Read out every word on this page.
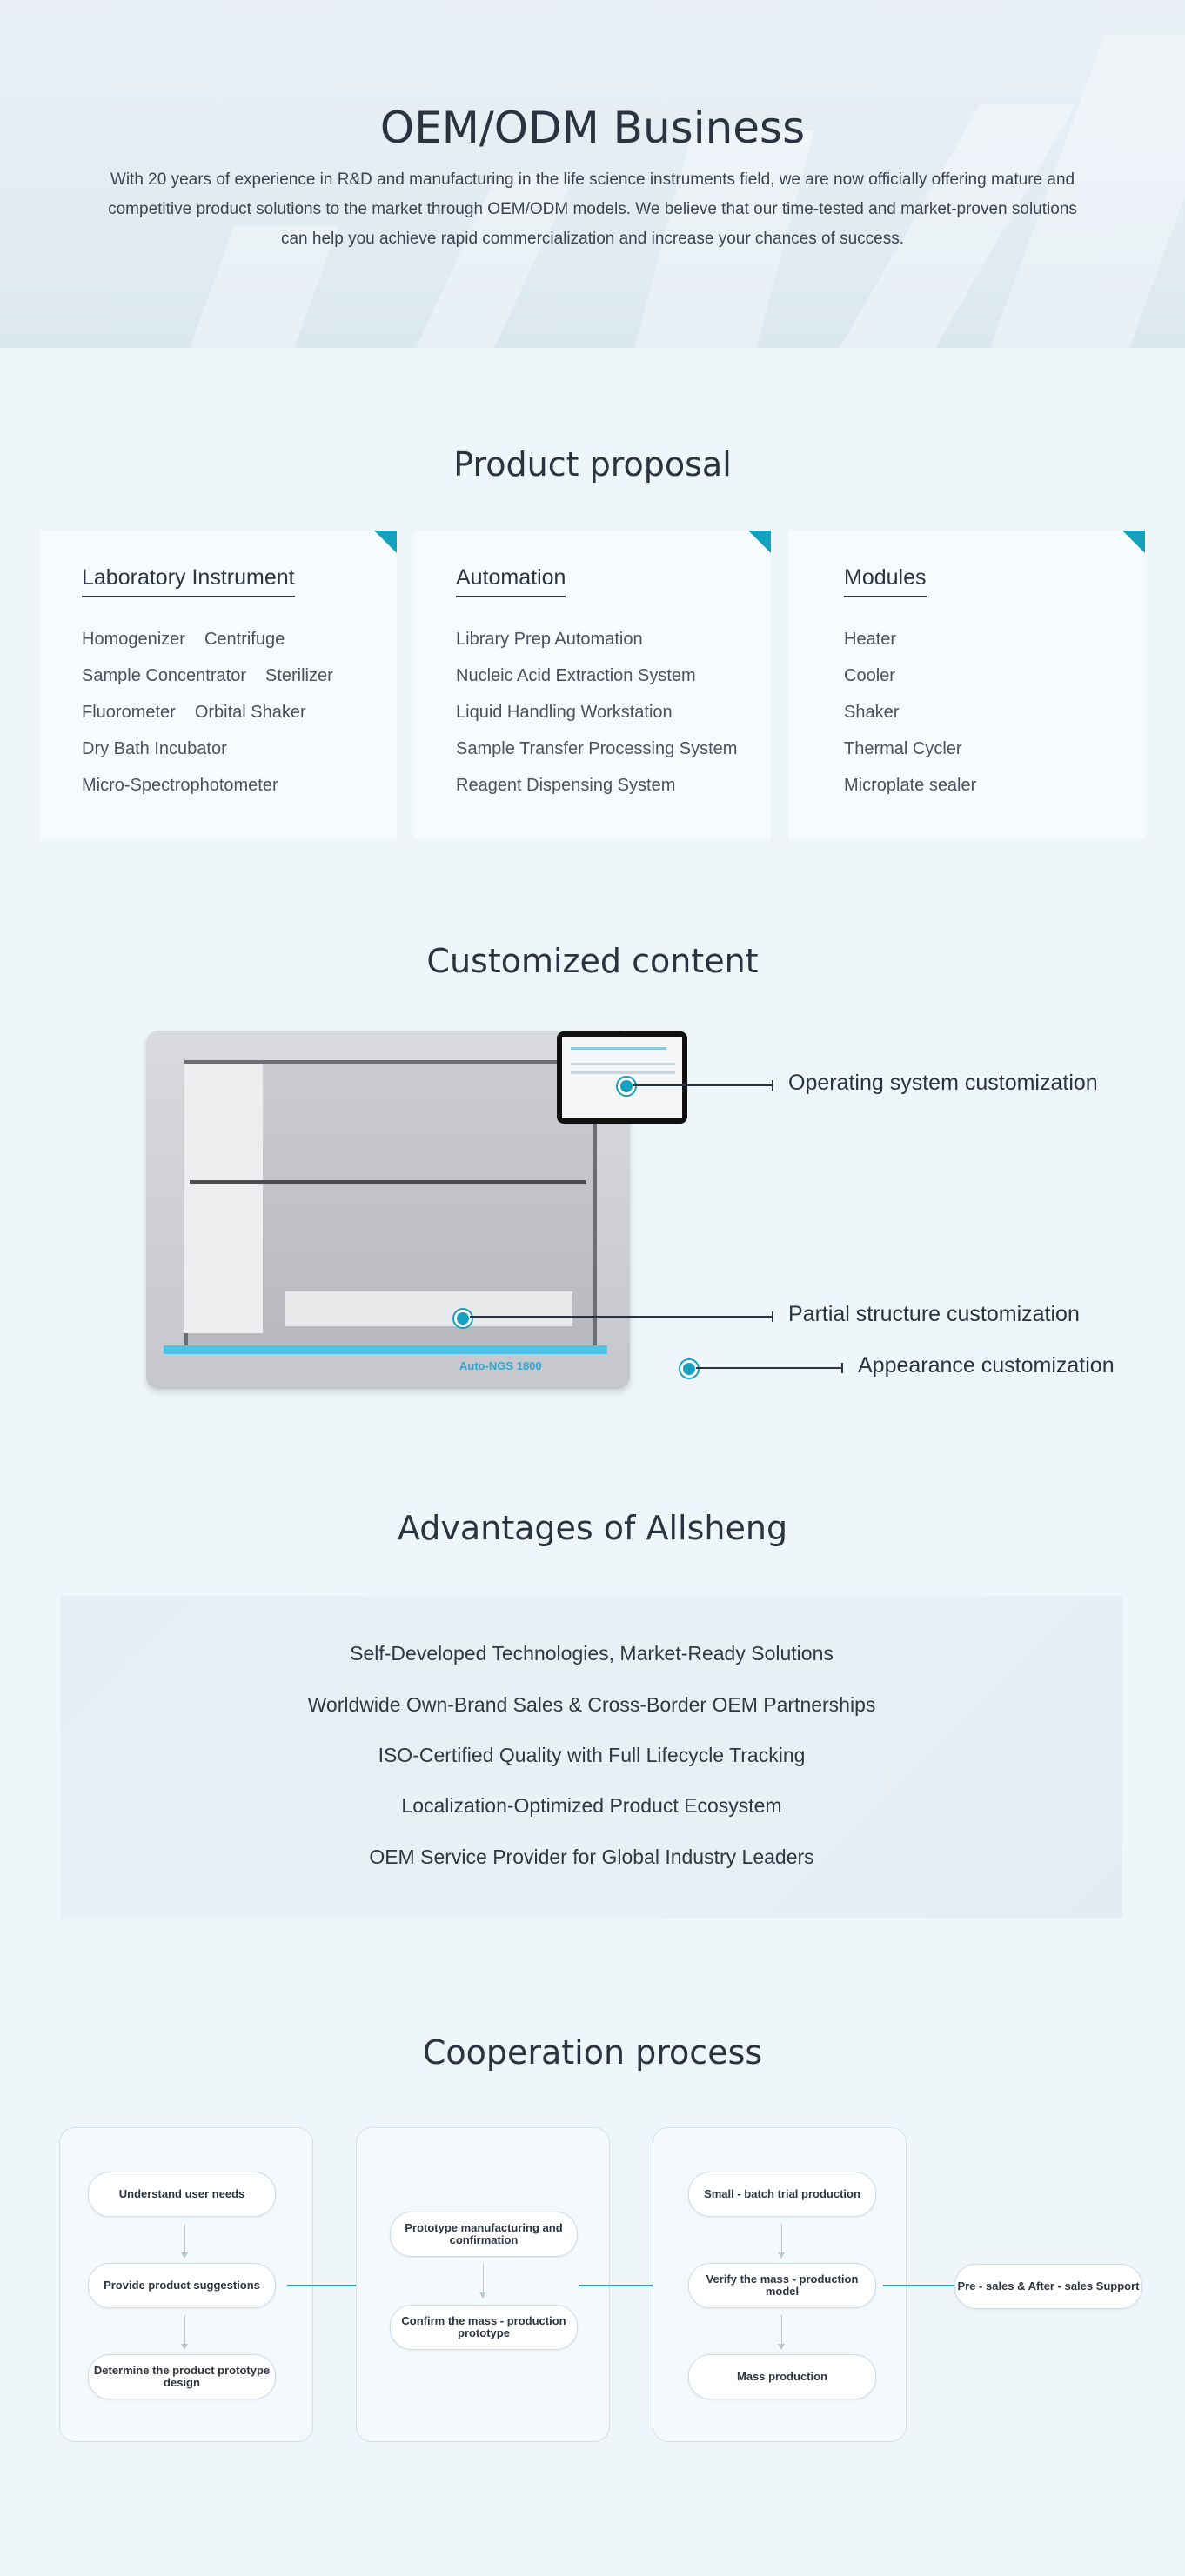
OEM/ODM Business

With 20 years of experience in R&D and manufacturing in the life science instruments field, we are now officially offering mature and competitive product solutions to the market through OEM/ODM models. We believe that our time-tested and market-proven solutions can help you achieve rapid commercialization and increase your chances of success.

Product proposal
Laboratory Instrument
Homogenizer Centrifuge
Sample Concentrator Sterilizer
Fluorometer Orbital Shaker
Dry Bath Incubator
Micro-Spectrophotometer
Automation
Library Prep Automation
Nucleic Acid Extraction System
Liquid Handling Workstation
Sample Transfer Processing System
Reagent Dispensing System
Modules
Heater
Cooler
Shaker
Thermal Cycler
Microplate sealer
Customized content
Auto-NGS 1800
Operating system customization
Partial structure customization
Appearance customization
Advantages of Allsheng
Self-Developed Technologies, Market-Ready Solutions
Worldwide Own-Brand Sales & Cross-Border OEM Partnerships
ISO-Certified Quality with Full Lifecycle Tracking
Localization-Optimized Product Ecosystem
OEM Service Provider for Global Industry Leaders
Cooperation process
Understand user needs
Provide product suggestions
Determine the product prototype design
Prototype manufacturing and confirmation
Confirm the mass - production prototype
Small - batch trial production
Verify the mass - production model
Mass production
Pre - sales & After - sales Support
